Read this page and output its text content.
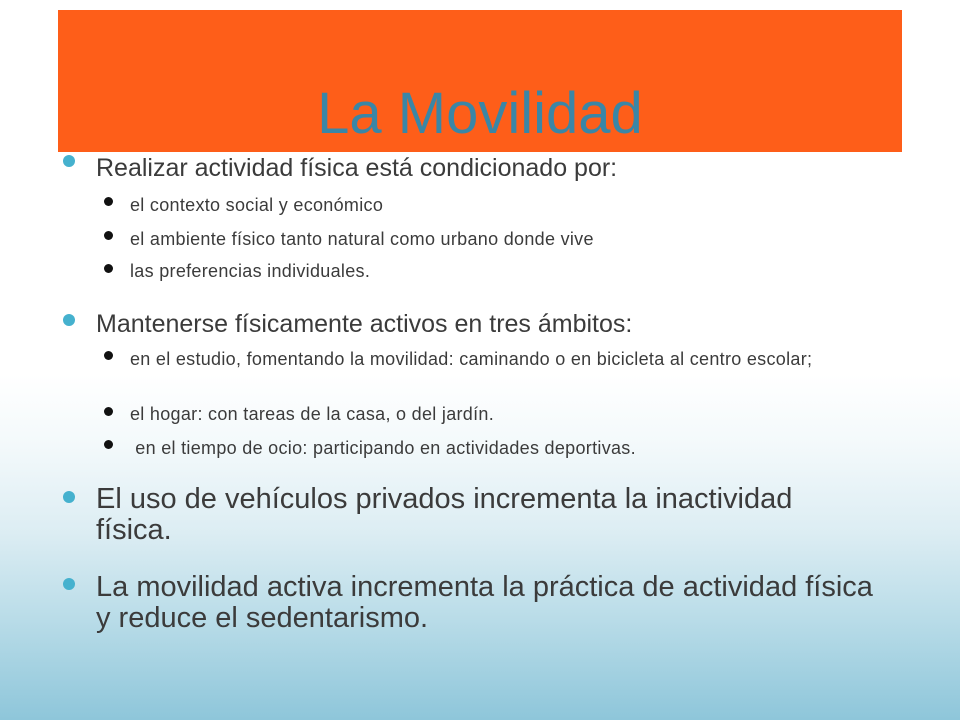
La Movilidad

Realizar actividad física está condicionado por:

el contexto social y económico

el ambiente físico tanto natural como urbano donde vive

las preferencias individuales.

Mantenerse físicamente activos en tres ámbitos:

en el estudio, fomentando la movilidad: caminando o en bicicleta al centro escolar;

el hogar: con tareas de la casa, o del jardín.

en el tiempo de ocio: participando en actividades deportivas.

El uso de vehículos privados incrementa la inactividad física.

La movilidad activa incrementa la práctica de actividad física y reduce el sedentarismo.
